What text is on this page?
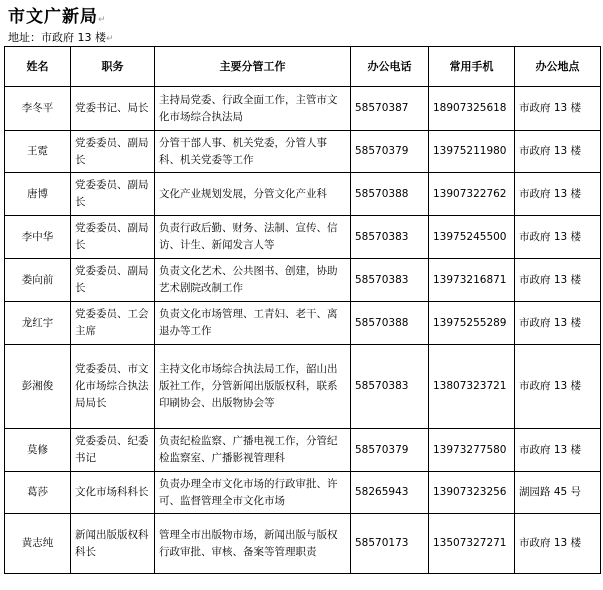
市文广新局↵
地址：市政府 13 楼↵
姓名	职务	主要分管工作	办公电话	常用手机	办公地点
李冬平	党委书记、局长	主持局党委、行政全面工作，主管市文化市场综合执法局	58570387	18907325618	市政府 13 楼
王霓	党委委员、副局长	分管干部人事、机关党委，分管人事科、机关党委等工作	58570379	13975211980	市政府 13 楼
唐博	党委委员、副局长	文化产业规划发展，分管文化产业科	58570388	13907322762	市政府 13 楼
李中华	党委委员、副局长	负责行政后勤、财务、法制、宣传、信访、计生、新闻发言人等	58570383	13975245500	市政府 13 楼
娄向前	党委委员、副局长	负责文化艺术、公共图书、创建，协助艺术剧院改制工作	58570383	13973216871	市政府 13 楼
龙红宇	党委委员、工会主席	负责文化市场管理、工青妇、老干、离退办等工作	58570388	13975255289	市政府 13 楼
彭湘俊	党委委员、市文化市场综合执法局局长	主持文化市场综合执法局工作，韶山出版社工作，分管新闻出版版权科，联系印刷协会、出版物协会等	58570383	13807323721	市政府 13 楼
莫修	党委委员、纪委书记	负责纪检监察、广播电视工作，分管纪检监察室、广播影视管理科	58570379	13973277580	市政府 13 楼
葛莎	文化市场科科长	负责办理全市文化市场的行政审批、许可、监督管理全市文化市场	58265943	13907323256	湖园路 45 号
黄志纯	新闻出版版权科科长	管理全市出版物市场，新闻出版与版权行政审批、审核、备案等管理职责	58570173	13507327271	市政府 13 楼
